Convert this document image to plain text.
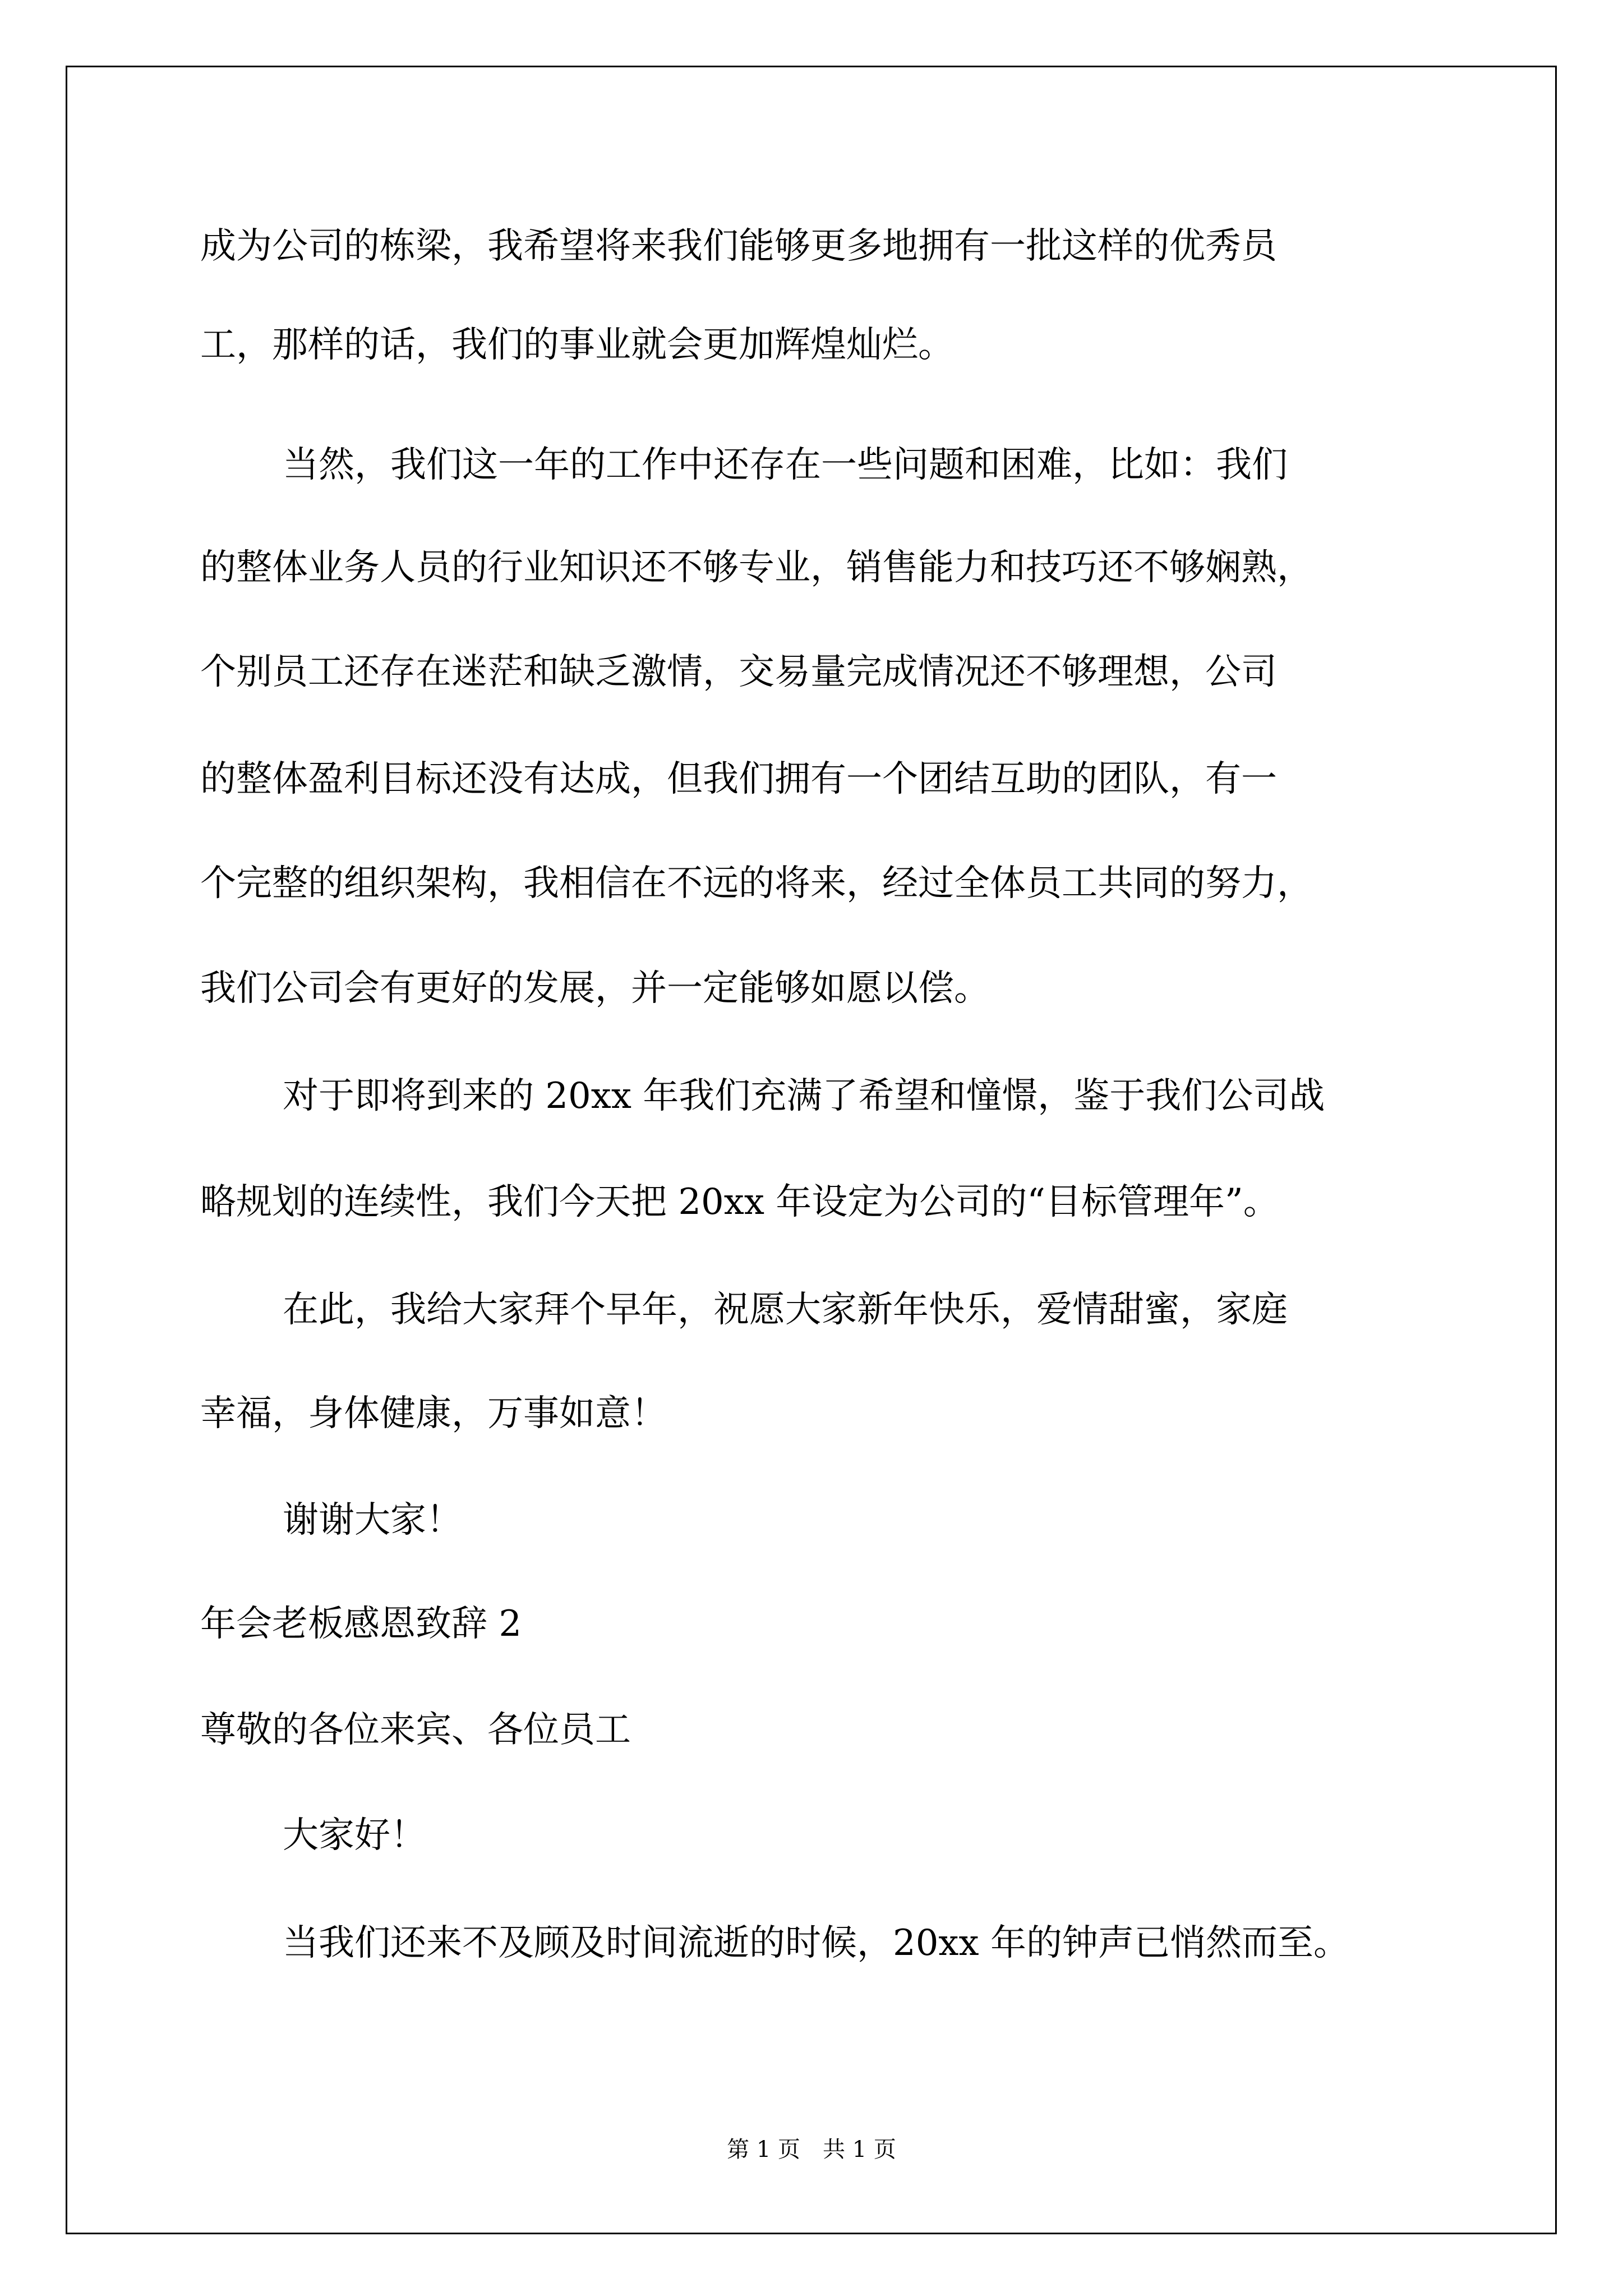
成为公司的栋梁，我希望将来我们能够更多地拥有一批这样的优秀员

工，那样的话，我们的事业就会更加辉煌灿烂。

当然，我们这一年的工作中还存在一些问题和困难，比如：我们

的整体业务人员的行业知识还不够专业，销售能力和技巧还不够娴熟，

个别员工还存在迷茫和缺乏激情，交易量完成情况还不够理想，公司

的整体盈利目标还没有达成，但我们拥有一个团结互助的团队，有一

个完整的组织架构，我相信在不远的将来，经过全体员工共同的努力，

我们公司会有更好的发展，并一定能够如愿以偿。

对于即将到来的 20xx 年我们充满了希望和憧憬，鉴于我们公司战

略规划的连续性，我们今天把 20xx 年设定为公司的“目标管理年”。

在此，我给大家拜个早年，祝愿大家新年快乐，爱情甜蜜，家庭

幸福，身体健康，万事如意！

谢谢大家！

年会老板感恩致辞 2

尊敬的各位来宾、各位员工

大家好！

当我们还来不及顾及时间流逝的时候，20xx 年的钟声已悄然而至。

第 1 页　共 1 页
